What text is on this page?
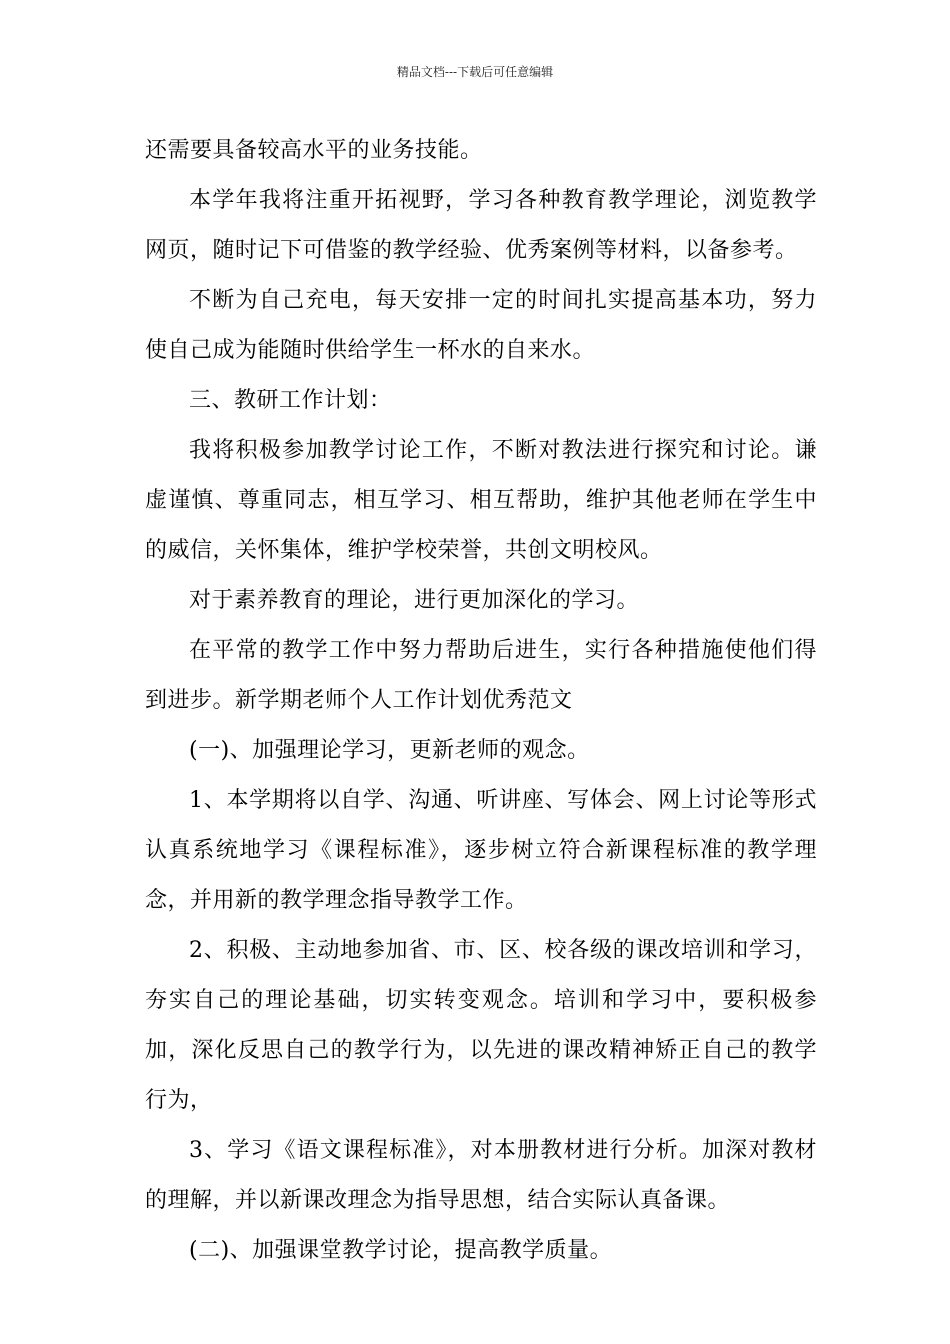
精品文档---下载后可任意编辑

还需要具备较高水平的业务技能。

本学年我将注重开拓视野，学习各种教育教学理论，浏览教学网页，随时记下可借鉴的教学经验、优秀案例等材料，以备参考。

不断为自己充电，每天安排一定的时间扎实提高基本功，努力使自己成为能随时供给学生一杯水的自来水。

三、教研工作计划：

我将积极参加教学讨论工作，不断对教法进行探究和讨论。谦虚谨慎、尊重同志，相互学习、相互帮助，维护其他老师在学生中的威信，关怀集体，维护学校荣誉，共创文明校风。

对于素养教育的理论，进行更加深化的学习。

在平常的教学工作中努力帮助后进生，实行各种措施使他们得到进步。新学期老师个人工作计划优秀范文

(一)、加强理论学习，更新老师的观念。

1、本学期将以自学、沟通、听讲座、写体会、网上讨论等形式认真系统地学习《课程标准》，逐步树立符合新课程标准的教学理念，并用新的教学理念指导教学工作。

2、积极、主动地参加省、市、区、校各级的课改培训和学习，夯实自己的理论基础，切实转变观念。培训和学习中，要积极参加，深化反思自己的教学行为，以先进的课改精神矫正自己的教学行为，

3、学习《语文课程标准》，对本册教材进行分析。加深对教材的理解，并以新课改理念为指导思想，结合实际认真备课。

(二)、加强课堂教学讨论，提高教学质量。
